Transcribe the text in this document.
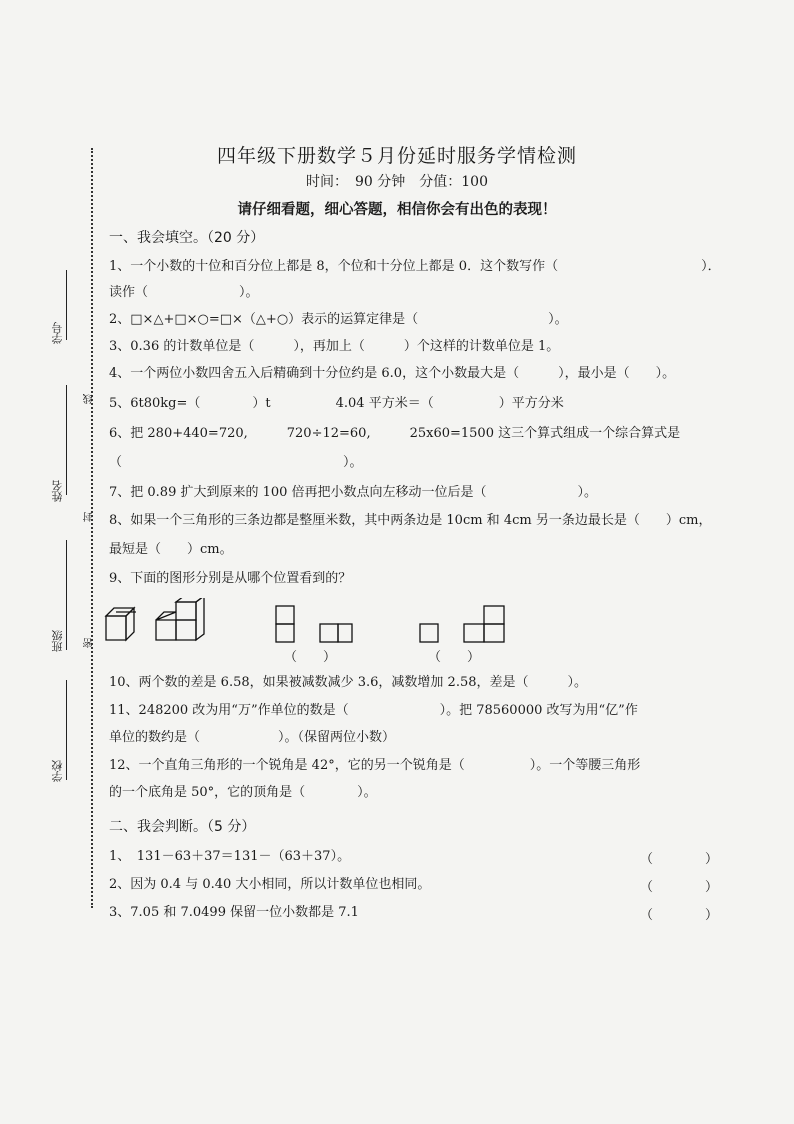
学号
姓名
班级
学校
线
封
密
四年级下册数学５月份延时服务学情检测
时间：　90 分钟　分值：100
请仔细看题，细心答题，相信你会有出色的表现！
一、我会填空。（20 分）
1、一个小数的十位和百分位上都是 8，个位和十分位上都是 0．这个数写作（　　　　　　　　　　　）．
读作（　　　　　　　）。
2、□×△+□×○=□×（△+○）表示的运算定律是（　　　　　　　　　　）。
3、0.36 的计数单位是（　　　），再加上（　　　）个这样的计数单位是 1。
4、一个两位小数四舍五入后精确到十分位约是 6.0，这个小数最大是（　　　），最小是（　　）。
5、6t80kg=（　　　　）t　　　　　4.04 平方米＝（　　　　　）平方分米
6、把 280+440=720,　　　720÷12=60,　　　25x60=1500 这三个算式组成一个综合算式是
（　　　　　　　　　　　　　　　　　）。
7、把 0.89 扩大到原来的 100 倍再把小数点向左移动一位后是（　　　　　　　）。
8、如果一个三角形的三条边都是整厘米数，其中两条边是 10cm 和 4cm 另一条边最长是（　　）cm，
最短是（　　）cm。
9、下面的图形分别是从哪个位置看到的？
（　　）	（　　）
10、两个数的差是 6.58，如果被减数减少 3.6，减数增加 2.58，差是（　　　）。
11、248200 改为用“万”作单位的数是（　　　　　　　）。把 78560000 改写为用“亿”作
单位的数约是（　　　　　　）。（保留两位小数）
12、一个直角三角形的一个锐角是 42°，它的另一个锐角是（　　　　　）。一个等腰三角形
的一个底角是 50°，它的顶角是（　　　　）。
二、我会判断。（5 分）
1、　131－63＋37＝131－（63＋37）。	（　　　　）
2、因为 0.4 与 0.40 大小相同，所以计数单位也相同。	（　　　　）
3、7.05 和 7.0499 保留一位小数都是 7.1	（　　　　）
